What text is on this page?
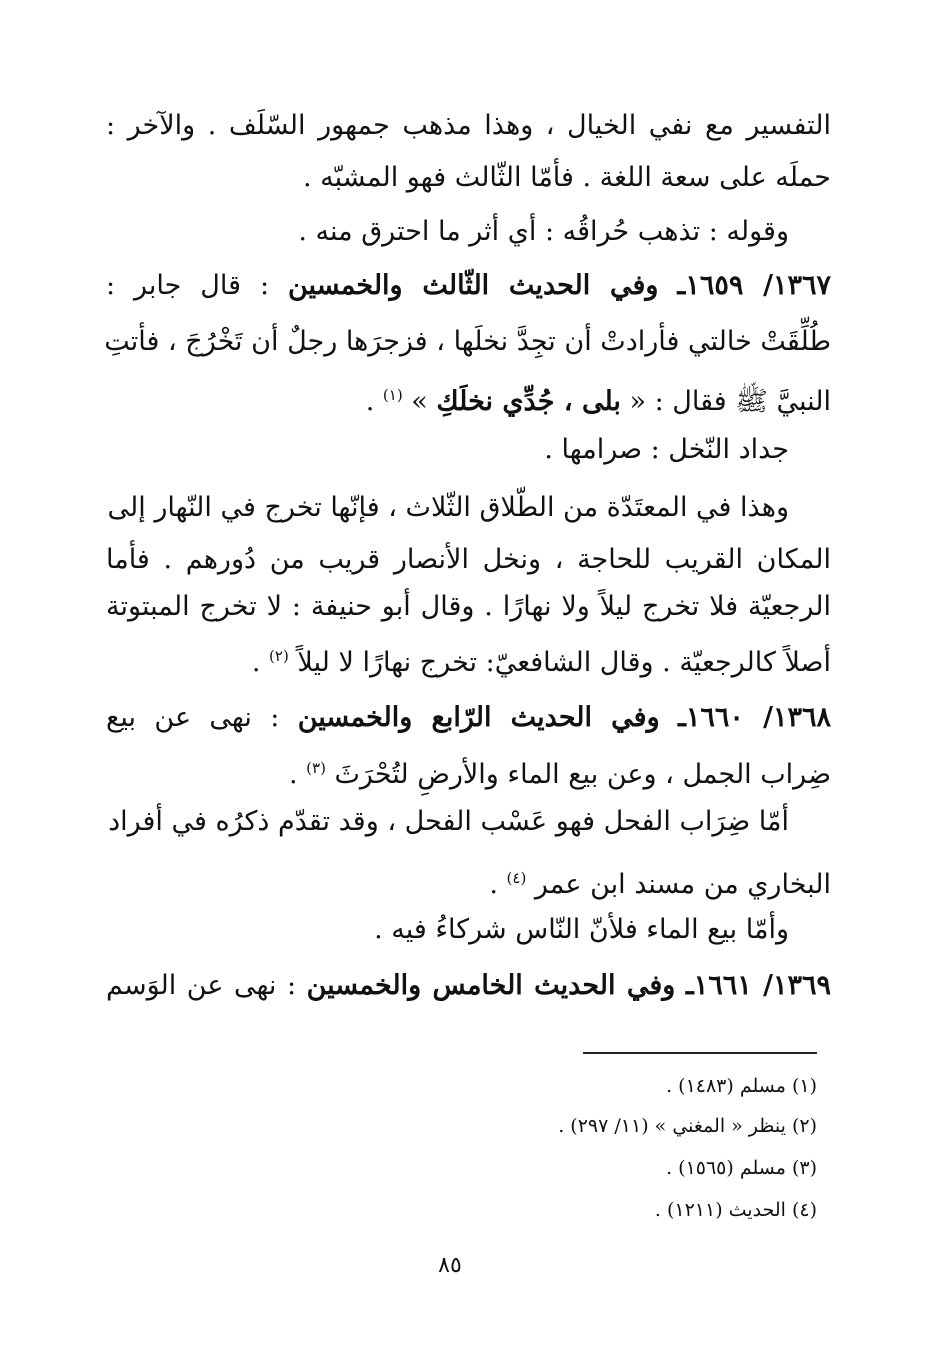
التفسير مع نفي الخيال ، وهذا مذهب جمهور السّلَف . والآخر :
حملَه على سعة اللغة . فأمّا الثّالث فهو المشبّه .
وقوله : تذهب حُراقُه : أي أثر ما احترق منه .
١٣٦٧/ ١٦٥٩ـ وفي الحديث الثّالث والخمسين : قال جابر :
طُلِّقَتْ خالتي فأرادتْ أن تجِدَّ نخلَها ، فزجرَها رجلٌ أن تَخْرُجَ ، فأتتِ
النبيَّ ﷺ فقال : « بلى ، جُدِّي نخلَكِ » $^{(١)}$ .
جداد النّخل : صرامها .
وهذا في المعتَدّة من الطّلاق الثّلاث ، فإنّها تخرج في النّهار إلى
المكان القريب للحاجة ، ونخل الأنصار قريب من دُورهم . فأما
الرجعيّة فلا تخرج ليلاً ولا نهارًا . وقال أبو حنيفة : لا تخرج المبتوتة
أصلاً كالرجعيّة . وقال الشافعيّ: تخرج نهارًا لا ليلاً $^{(٢)}$ .
١٣٦٨/ ١٦٦٠ـ وفي الحديث الرّابع والخمسين : نهى عن بيع
ضِراب الجمل ، وعن بيع الماء والأرضِ لتُحْرَثَ $^{(٣)}$ .
أمّا ضِرَاب الفحل فهو عَسْب الفحل ، وقد تقدّم ذكرُه في أفراد
البخاري من مسند ابن عمر $^{(٤)}$ .
وأمّا بيع الماء فلأنّ النّاس شركاءُ فيه .
١٣٦٩/ ١٦٦١ـ وفي الحديث الخامس والخمسين : نهى عن الوَسم
(١) مسلم (١٤٨٣) .
(٢) ينظر « المغني » (١١/ ٢٩٧) .
(٣) مسلم (١٥٦٥) .
(٤) الحديث (١٢١١) .
٨٥
